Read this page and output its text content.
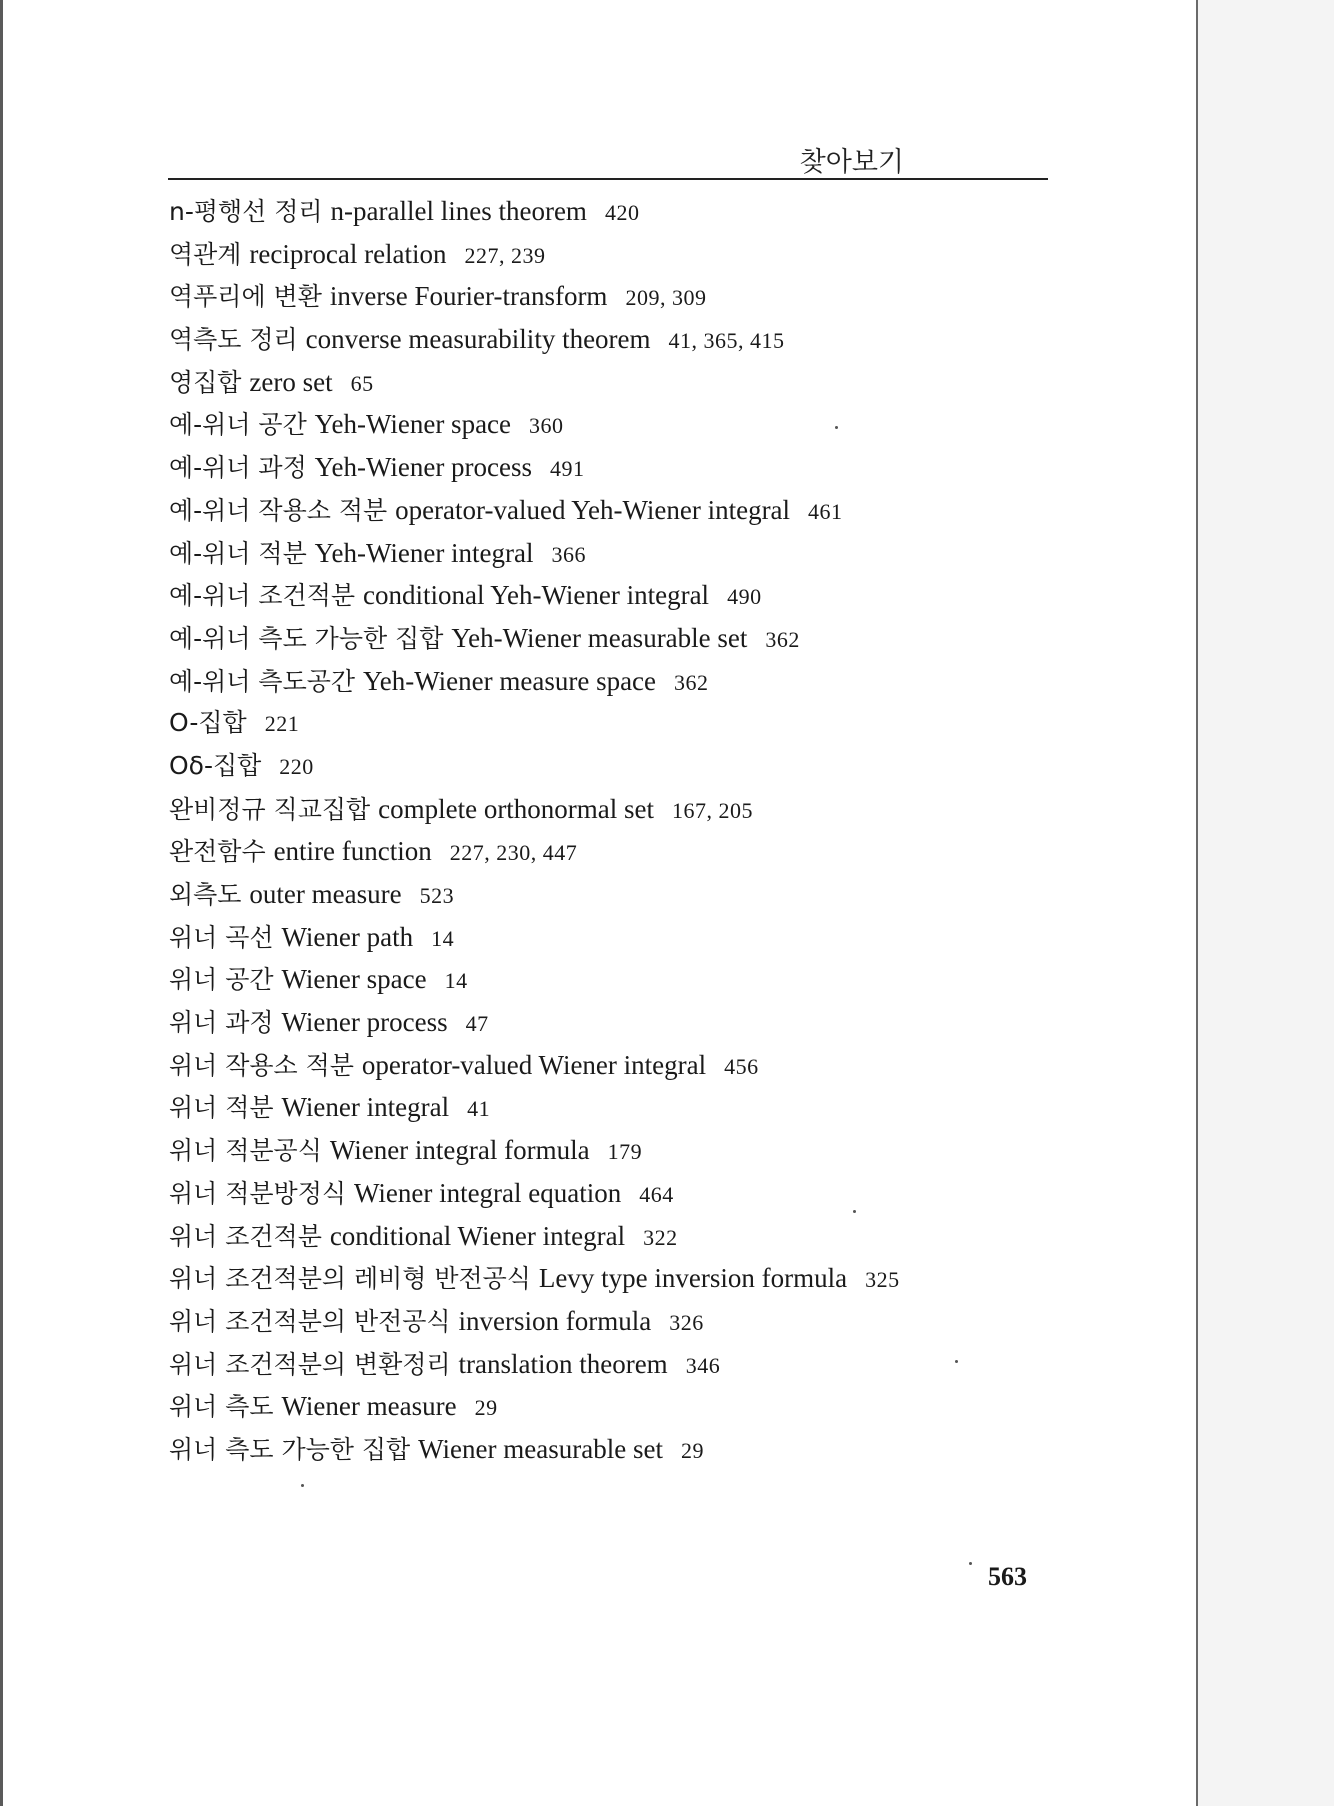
찾아보기
n-평행선 정리 n-parallel lines theorem 420
역관계 reciprocal relation 227, 239
역푸리에 변환 inverse Fourier-transform 209, 309
역측도 정리 converse measurability theorem 41, 365, 415
영집합 zero set 65
예-위너 공간 Yeh-Wiener space 360
예-위너 과정 Yeh-Wiener process 491
예-위너 작용소 적분 operator-valued Yeh-Wiener integral 461
예-위너 적분 Yeh-Wiener integral 366
예-위너 조건적분 conditional Yeh-Wiener integral 490
예-위너 측도 가능한 집합 Yeh-Wiener measurable set 362
예-위너 측도공간 Yeh-Wiener measure space 362
O-집합 221
Oδ-집합 220
완비정규 직교집합 complete orthonormal set 167, 205
완전함수 entire function 227, 230, 447
외측도 outer measure 523
위너 곡선 Wiener path 14
위너 공간 Wiener space 14
위너 과정 Wiener process 47
위너 작용소 적분 operator-valued Wiener integral 456
위너 적분 Wiener integral 41
위너 적분공식 Wiener integral formula 179
위너 적분방정식 Wiener integral equation 464
위너 조건적분 conditional Wiener integral 322
위너 조건적분의 레비형 반전공식 Levy type inversion formula 325
위너 조건적분의 반전공식 inversion formula 326
위너 조건적분의 변환정리 translation theorem 346
위너 측도 Wiener measure 29
위너 측도 가능한 집합 Wiener measurable set 29
563
